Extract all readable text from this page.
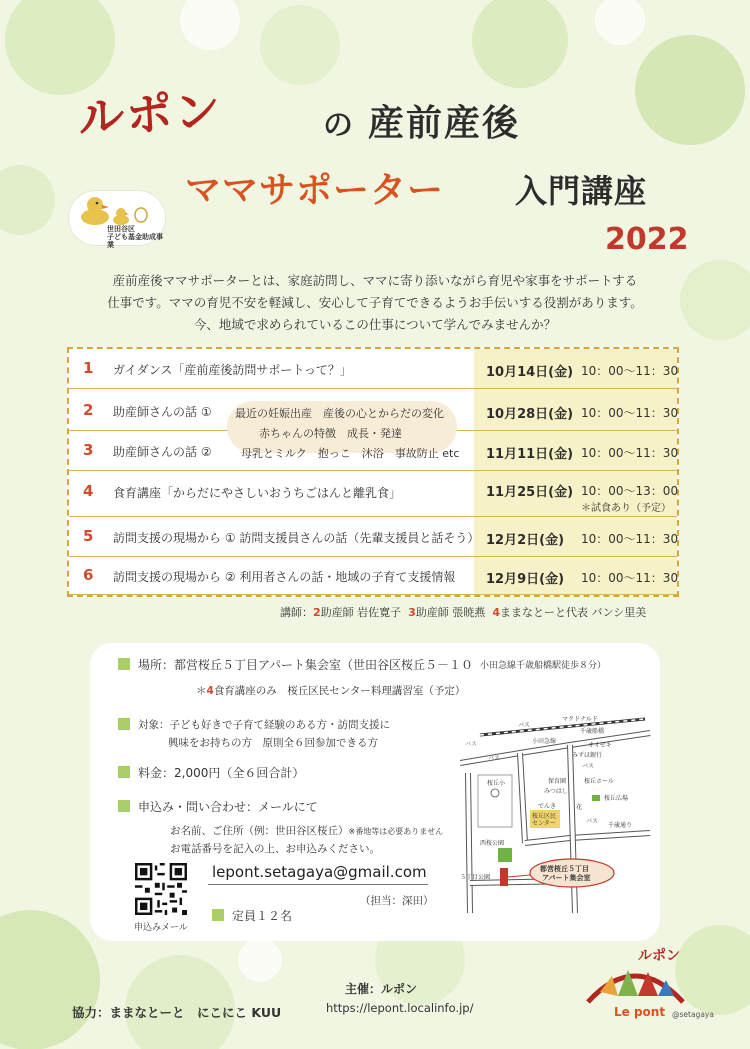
ルポン	の 産前産後
ママサポーター 入門講座
2022
世田谷区
子ども基金助成事業
産前産後ママサポーターとは、家庭訪問し、ママに寄り添いながら育児や家事をサポートする
仕事です。ママの育児不安を軽減し、安心して子育てできるようお手伝いする役割があります。
今、地域で求められているこの仕事について学んでみませんか？
1 ガイダンス「産前産後訪問サポートって？」	10月14日(金) 10：00～11：30
2 助産師さんの話 ①	10月28日(金) 10：00～11：30
3 助産師さんの話 ②	11月11日(金) 10：00～11：30
4 食育講座「からだにやさしいおうちごはんと離乳食」	11月25日(金) 10：00～13：00
＊試食あり（予定）
5 訪問支援の現場から ① 訪問支援員さんの話（先輩支援員と話そう） 12月2日(金) 10：00～11：30
6 訪問支援の現場から ② 利用者さんの話・地域の子育て支援情報 12月9日(金) 10：00～11：30
最近の妊娠出産　産後の心とからだの変化
赤ちゃんの特徴　成長・発達
母乳とミルク　抱っこ　沐浴　事故防止 etc
講師：2助産師 岩佐寛子 3助産師 張暁燕 4ままなとーと代表 バンシ里美
場所：都営桜丘５丁目アパート集会室（世田谷区桜丘５－１０ 小田急線千歳船橋駅徒歩８分）
＊4食育講座のみ　桜丘区民センター料理講習室（予定）
対象：子ども好きで子育て経験のある方・訪問支援に
興味をお持ちの方　原則全６回参加できる方
料金：2,000円（全６回合計）
申込み・問い合わせ：メールにて
お名前、ご住所（例：世田谷区桜丘）※番地等は必要ありません
お電話番号を記入の上、お申込みください。
申込みメール
lepont.setagaya@gmail.com
（担当：深田）
定員１２名
バス
バス
マクドナルド
小田急線
千歳船橋
オオゼキ
みずほ銀行
バス
バス
保育園	桜丘ホール
みつはし
桜丘広場
桜丘小
でんき	花
桜丘区民
センター	バス
千歳通り
西桜公園
５丁目公園
都営桜丘５丁目
アパート集会室
協力：ままなとーと　にこにこ KUU
主催：ルポン
https://lepont.localinfo.jp/
ルポン
Le pont @setagaya
